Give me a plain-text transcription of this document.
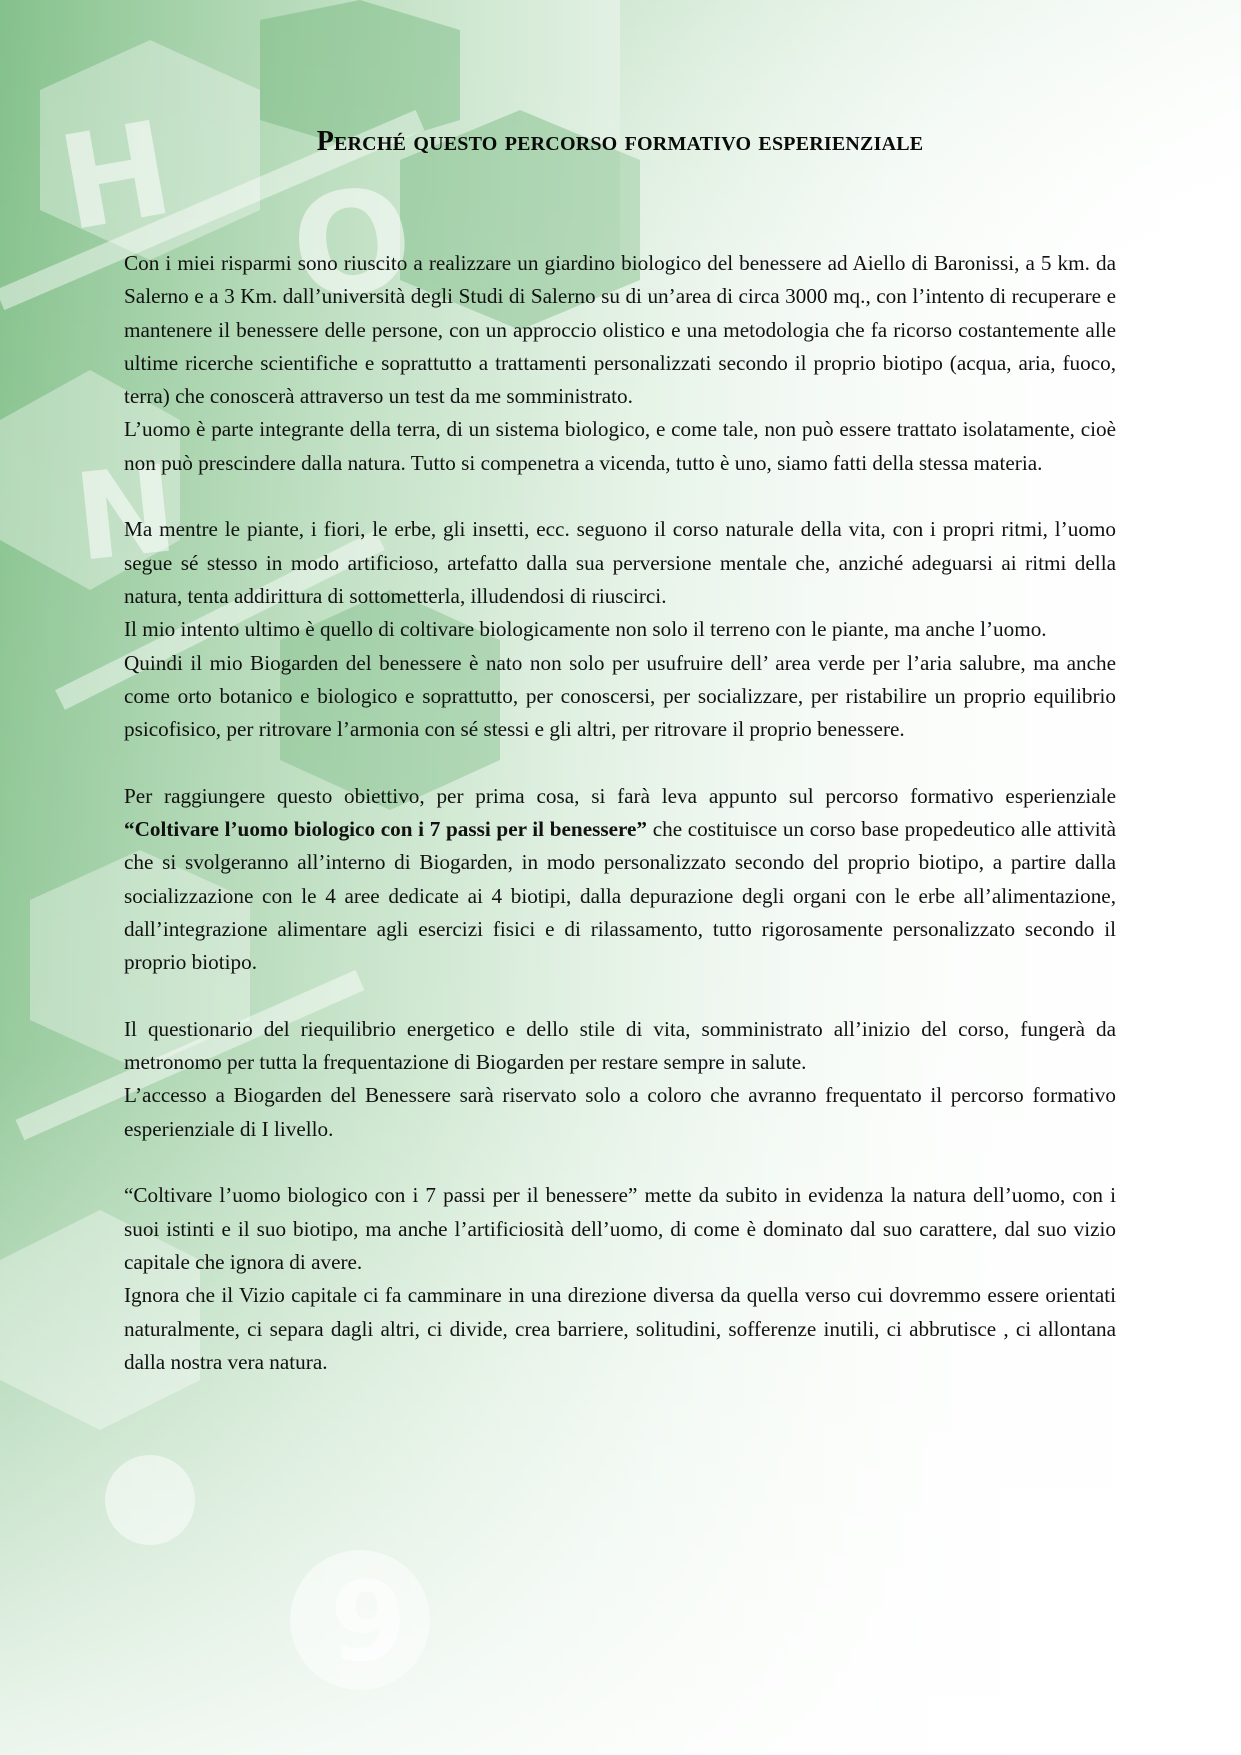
Perché questo percorso formativo esperienziale

Con i miei risparmi sono riuscito a realizzare un giardino biologico del benessere ad Aiello di Baronissi, a 5 km. da Salerno e a 3 Km. dall’università degli Studi di Salerno su di un’area di circa 3000 mq., con l’intento di recuperare e mantenere il benessere delle persone, con un approccio olistico e una metodologia che fa ricorso costantemente alle ultime ricerche scientifiche e soprattutto a trattamenti personalizzati secondo il proprio biotipo (acqua, aria, fuoco, terra) che conoscerà attraverso un test da me somministrato.

L’uomo è parte integrante della terra, di un sistema biologico, e come tale, non può essere trattato isolatamente, cioè non può prescindere dalla natura. Tutto si compenetra a vicenda, tutto è uno, siamo fatti della stessa materia.

Ma mentre le piante, i fiori, le erbe, gli insetti, ecc. seguono il corso naturale della vita, con i propri ritmi, l’uomo segue sé stesso in modo artificioso, artefatto dalla sua perversione mentale che, anziché adeguarsi ai ritmi della natura, tenta addirittura di sottometterla, illudendosi di riuscirci.

Il mio intento ultimo è quello di coltivare biologicamente non solo il terreno con le piante, ma anche l’uomo.

Quindi il mio Biogarden del benessere è nato non solo per usufruire dell’ area verde per l’aria salubre, ma anche come orto botanico e biologico e soprattutto, per conoscersi, per socializzare, per ristabilire un proprio equilibrio psicofisico, per ritrovare l’armonia con sé stessi e gli altri, per ritrovare il proprio benessere.

Per raggiungere questo obiettivo, per prima cosa, si farà leva appunto sul percorso formativo esperienziale “Coltivare l’uomo biologico con i 7 passi per il benessere” che costituisce un corso base propedeutico alle attività che si svolgeranno all’interno di Biogarden, in modo personalizzato secondo del proprio biotipo, a partire dalla socializzazione con le 4 aree dedicate ai 4 biotipi, dalla depurazione degli organi con le erbe all’alimentazione, dall’integrazione alimentare agli esercizi fisici e di rilassamento, tutto rigorosamente personalizzato secondo il proprio biotipo.

Il questionario del riequilibrio energetico e dello stile di vita, somministrato all’inizio del corso, fungerà da metronomo per tutta la frequentazione di Biogarden per restare sempre in salute.

L’accesso a Biogarden del Benessere sarà riservato solo a coloro che avranno frequentato il percorso formativo esperienziale di I livello.

“Coltivare l’uomo biologico con i 7 passi per il benessere” mette da subito in evidenza la natura dell’uomo, con i suoi istinti e il suo biotipo, ma anche l’artificiosità dell’uomo, di come è dominato dal suo carattere, dal suo vizio capitale che ignora di avere.

Ignora che il Vizio capitale ci fa camminare in una direzione diversa da quella verso cui dovremmo essere orientati naturalmente, ci separa dagli altri, ci divide, crea barriere, solitudini, sofferenze inutili, ci abbrutisce , ci allontana dalla nostra vera natura.
